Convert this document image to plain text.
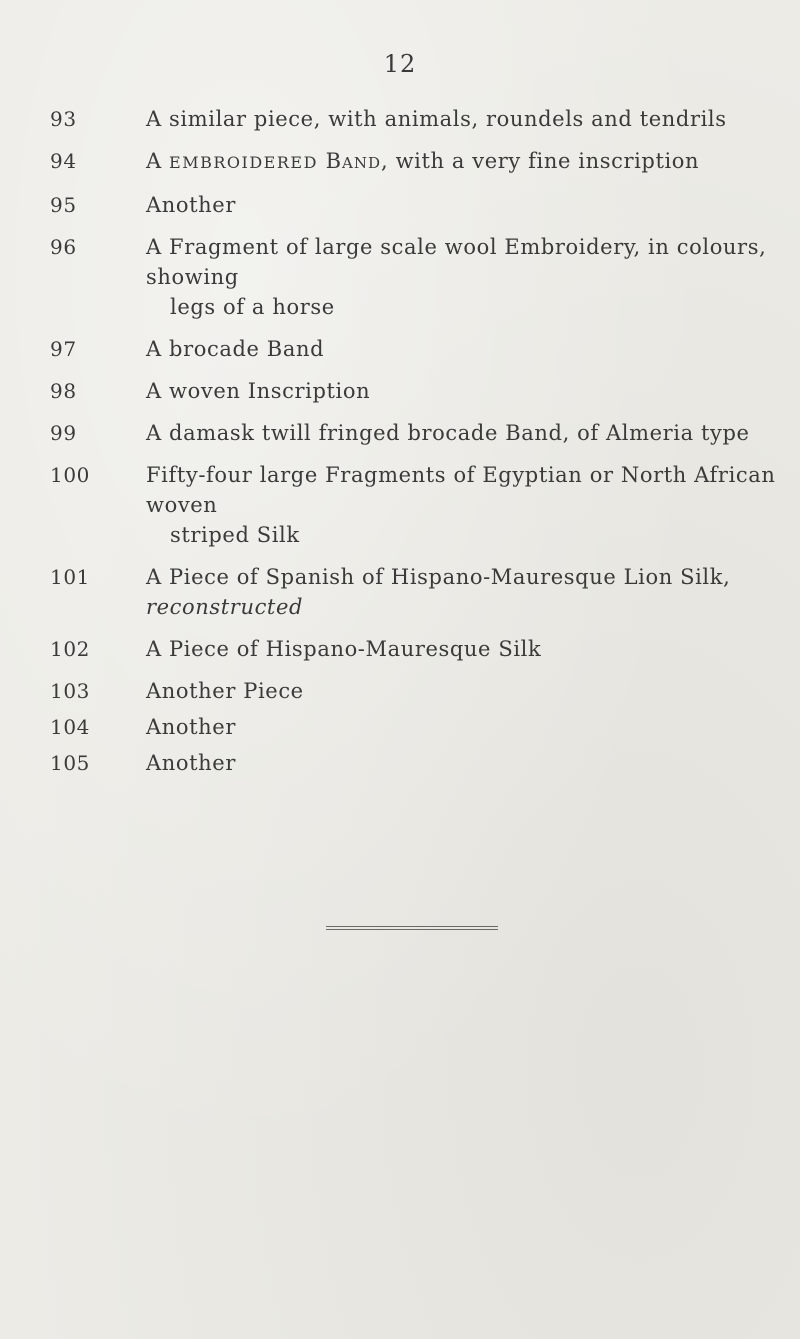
12

93	A similar piece, with animals, roundels and tendrils

94	A EMBROIDERED Band, with a very fine inscription

95	Another

96	A Fragment of large scale wool Embroidery, in colours, showing
legs of a horse

97	A brocade Band

98	A woven Inscription

99	A damask twill fringed brocade Band, of Almeria type

100	Fifty-four large Fragments of Egyptian or North African woven
striped Silk

101	A Piece of Spanish of Hispano-Mauresque Lion Silk, reconstructed

102	A Piece of Hispano-Mauresque Silk

103	Another Piece

104	Another

105	Another
